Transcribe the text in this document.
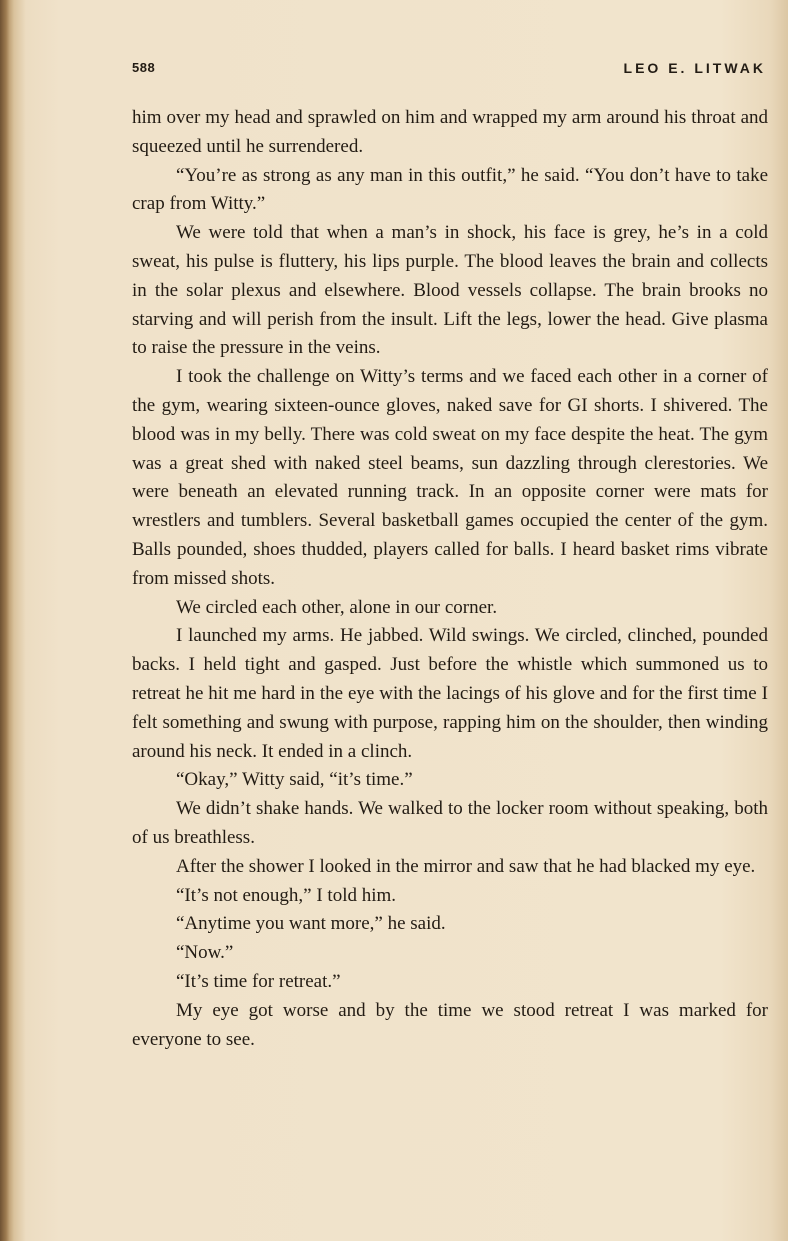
588	LEO E. LITWAK

him over my head and sprawled on him and wrapped my arm around his throat and squeezed until he surrendered.

“You’re as strong as any man in this outfit,” he said. “You don’t have to take crap from Witty.”

We were told that when a man’s in shock, his face is grey, he’s in a cold sweat, his pulse is fluttery, his lips purple. The blood leaves the brain and collects in the solar plexus and elsewhere. Blood vessels collapse. The brain brooks no starving and will perish from the insult. Lift the legs, lower the head. Give plasma to raise the pressure in the veins.

I took the challenge on Witty’s terms and we faced each other in a corner of the gym, wearing sixteen-ounce gloves, naked save for GI shorts. I shivered. The blood was in my belly. There was cold sweat on my face despite the heat. The gym was a great shed with naked steel beams, sun dazzling through clerestories. We were beneath an elevated running track. In an opposite corner were mats for wrestlers and tumblers. Several basketball games occupied the center of the gym. Balls pounded, shoes thudded, players called for balls. I heard basket rims vibrate from missed shots.

We circled each other, alone in our corner.

I launched my arms. He jabbed. Wild swings. We circled, clinched, pounded backs. I held tight and gasped. Just before the whistle which summoned us to retreat he hit me hard in the eye with the lacings of his glove and for the first time I felt something and swung with purpose, rapping him on the shoulder, then winding around his neck. It ended in a clinch.

“Okay,” Witty said, “it’s time.”

We didn’t shake hands. We walked to the locker room without speaking, both of us breathless.

After the shower I looked in the mirror and saw that he had blacked my eye.

“It’s not enough,” I told him.

“Anytime you want more,” he said.

“Now.”

“It’s time for retreat.”

My eye got worse and by the time we stood retreat I was marked for everyone to see.
